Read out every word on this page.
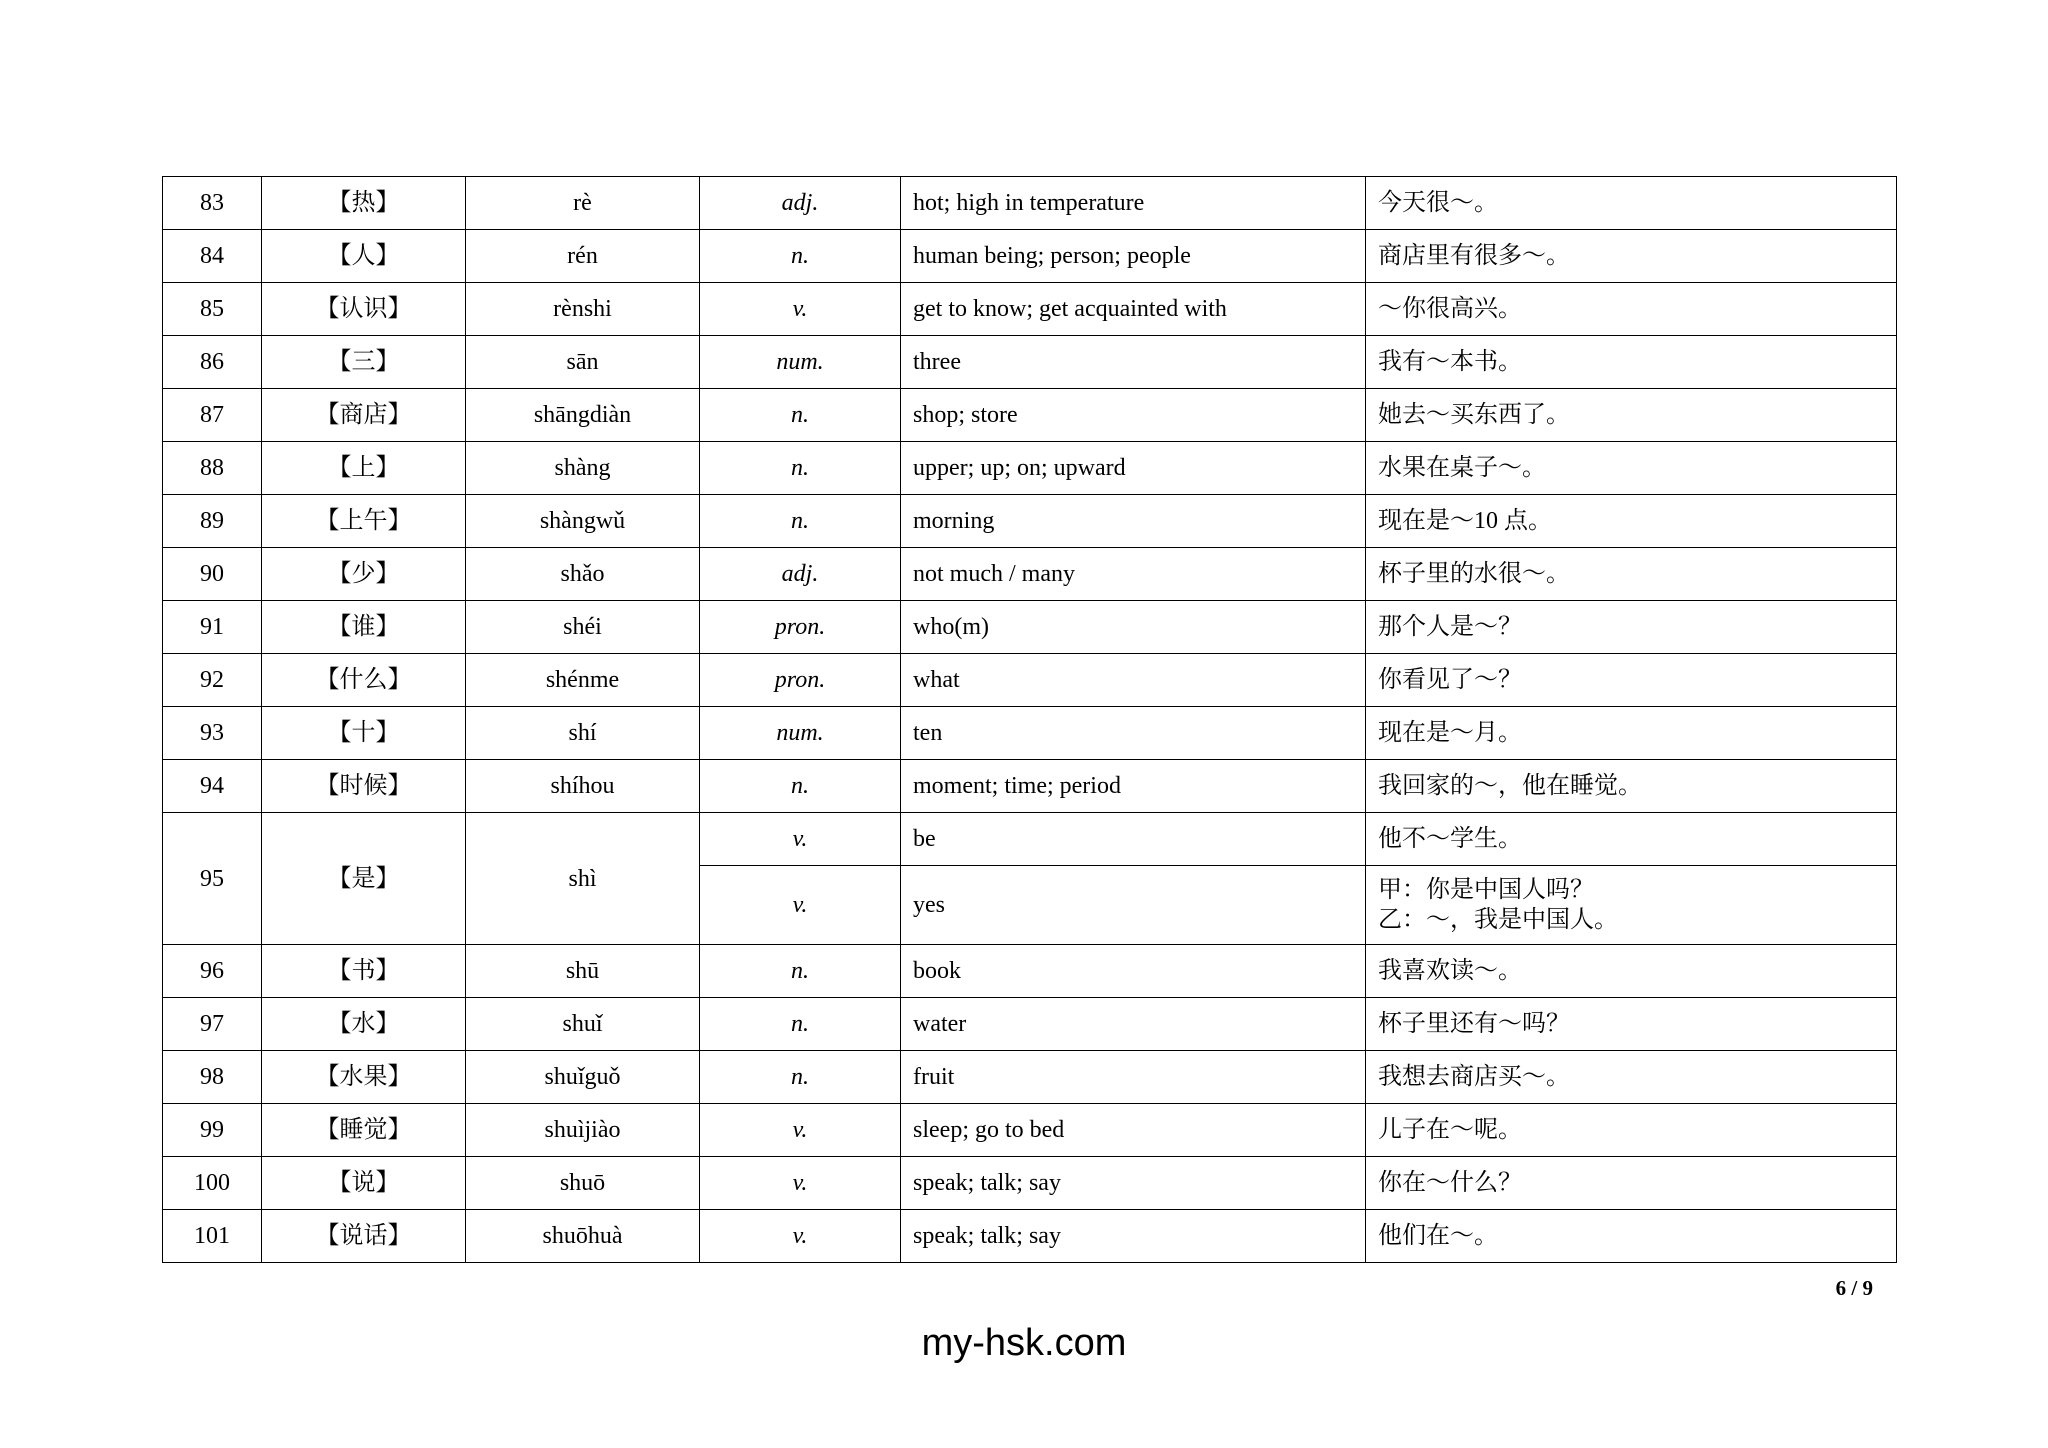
83	【热】	rè	adj.	hot; high in temperature	今天很～。

84	【人】	rén	n.	human being; person; people	商店里有很多～。

85	【认识】	rènshi	v.	get to know; get acquainted with	～你很高兴。

86	【三】	sān	num.	three	我有～本书。

87	【商店】	shāngdiàn	n.	shop; store	她去～买东西了。

88	【上】	shàng	n.	upper; up; on; upward	水果在桌子～。

89	【上午】	shàngwǔ	n.	morning	现在是～10 点。

90	【少】	shǎo	adj.	not much / many	杯子里的水很～。

91	【谁】	shéi	pron.	who(m)	那个人是～？

92	【什么】	shénme	pron.	what	你看见了～？

93	【十】	shí	num.	ten	现在是～月。

94	【时候】	shíhou	n.	moment; time; period	我回家的～，他在睡觉。

95	【是】	shì	v.	be	他不～学生。

			v.	yes	甲：你是中国人吗？
乙：～，我是中国人。

96	【书】	shū	n.	book	我喜欢读～。

97	【水】	shuǐ	n.	water	杯子里还有～吗？

98	【水果】	shuǐguǒ	n.	fruit	我想去商店买～。

99	【睡觉】	shuìjiào	v.	sleep; go to bed	儿子在～呢。

100	【说】	shuō	v.	speak; talk; say	你在～什么？

101	【说话】	shuōhuà	v.	speak; talk; say	他们在～。
6 / 9
my-hsk.com
